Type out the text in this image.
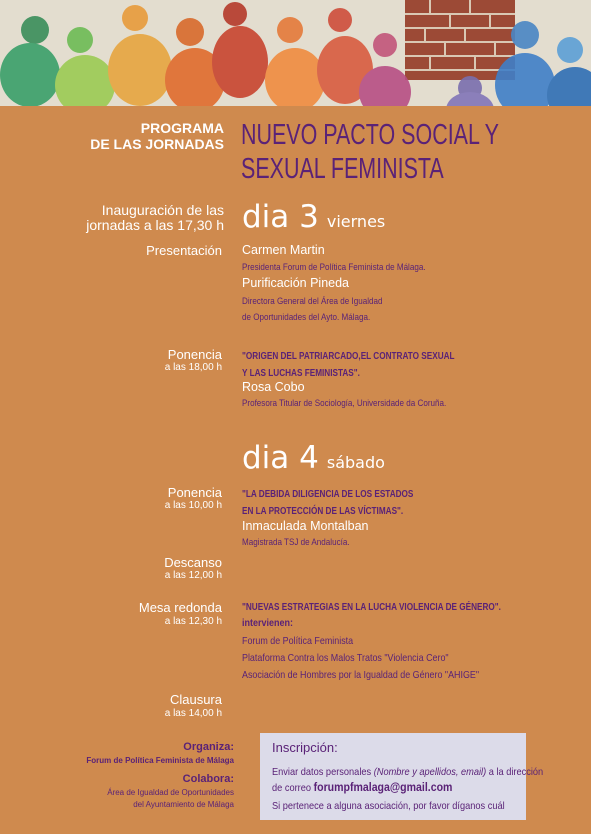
PROGRAMA
DE LAS JORNADAS NUEVO PACTO SOCIAL Y
SEXUAL FEMINISTA
Inauguración de las
jornadas a las 17,30 h dia 3 viernes
Presentación Carmen Martin
Presidenta Forum de Política Feminista de Málaga.
Purificación Pineda
Directora General del Área de Igualdad
de Oportunidades del Ayto. Málaga.
Ponencia
a las 18,00 h
"ORIGEN DEL PATRIARCADO,EL CONTRATO SEXUAL
Y LAS LUCHAS FEMINISTAS".
Rosa Cobo
Profesora Titular de Sociología, Universidade da Coruña.
dia 4 sábado
Ponencia
a las 10,00 h
"LA DEBIDA DILIGENCIA DE LOS ESTADOS
EN LA PROTECCIÓN DE LAS VÍCTIMAS".
Inmaculada Montalban
Magistrada TSJ de Andalucía.
Descanso
a las 12,00 h
Mesa redonda
a las 12,30 h
"NUEVAS ESTRATEGIAS EN LA LUCHA VIOLENCIA DE GÉNERO".
intervienen:
Forum de Política Feminista
Plataforma Contra los Malos Tratos "Violencia Cero"
Asociación de Hombres por la Igualdad de Género "AHIGE"
Clausura
a las 14,00 h
Organiza:
Forum de Política Feminista de Málaga
Colabora:
Área de Igualdad de Oportunidades
del Ayuntamiento de Málaga
Inscripción:
Enviar datos personales (Nombre y apellidos, email) a la dirección
de correo forumpfmalaga@gmail.com
Si pertenece a alguna asociación, por favor díganos cuál
